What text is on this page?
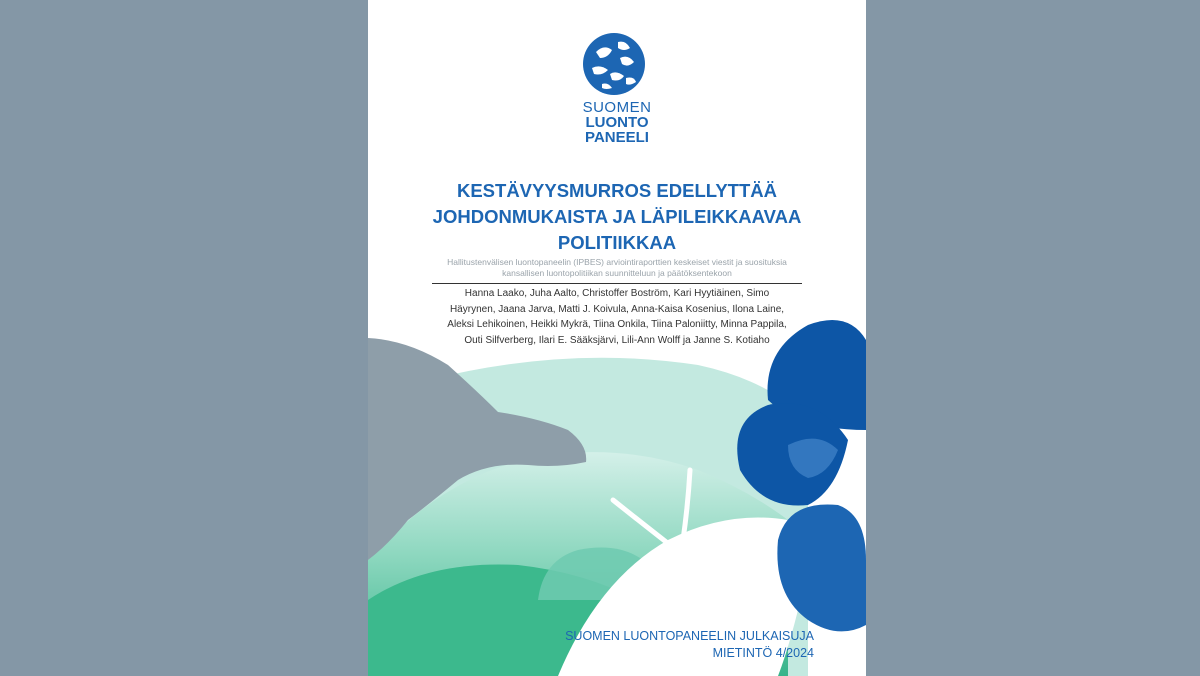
SUOMEN
LUONTO
PANEELI
KESTÄVYYSMURROS EDELLYTTÄÄ
JOHDONMUKAISTA JA LÄPILEIKKAAVAA
POLITIIKKAA
Hallitustenvälisen luontopaneelin (IPBES) arviointiraporttien keskeiset viestit ja suosituksia
kansallisen luontopolitiikan suunnitteluun ja päätöksentekoon
Hanna Laako, Juha Aalto, Christoffer Boström, Kari Hyytiäinen, Simo
Häyrynen, Jaana Jarva, Matti J. Koivula, Anna-Kaisa Kosenius, Ilona Laine,
Aleksi Lehikoinen, Heikki Mykrä, Tiina Onkila, Tiina Paloniitty, Minna Pappila,
Outi Silfverberg, Ilari E. Sääksjärvi, Lili-Ann Wolff ja Janne S. Kotiaho
SUOMEN LUONTOPANEELIN JULKAISUJA
MIETINTÖ 4/2024
